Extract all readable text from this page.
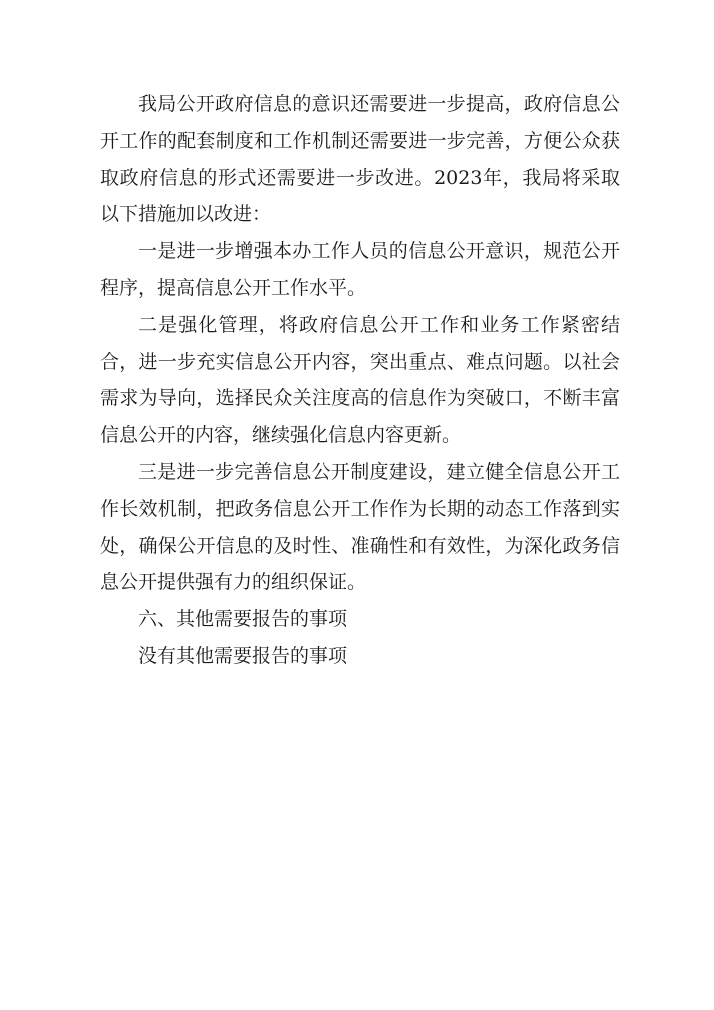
我局公开政府信息的意识还需要进一步提高，政府信息公开工作的配套制度和工作机制还需要进一步完善，方便公众获取政府信息的形式还需要进一步改进。2023年，我局将采取以下措施加以改进：

一是进一步增强本办工作人员的信息公开意识，规范公开程序，提高信息公开工作水平。

二是强化管理，将政府信息公开工作和业务工作紧密结合，进一步充实信息公开内容，突出重点、难点问题。以社会需求为导向，选择民众关注度高的信息作为突破口，不断丰富信息公开的内容，继续强化信息内容更新。

三是进一步完善信息公开制度建设，建立健全信息公开工作长效机制，把政务信息公开工作作为长期的动态工作落到实处，确保公开信息的及时性、准确性和有效性，为深化政务信息公开提供强有力的组织保证。

六、其他需要报告的事项

没有其他需要报告的事项
